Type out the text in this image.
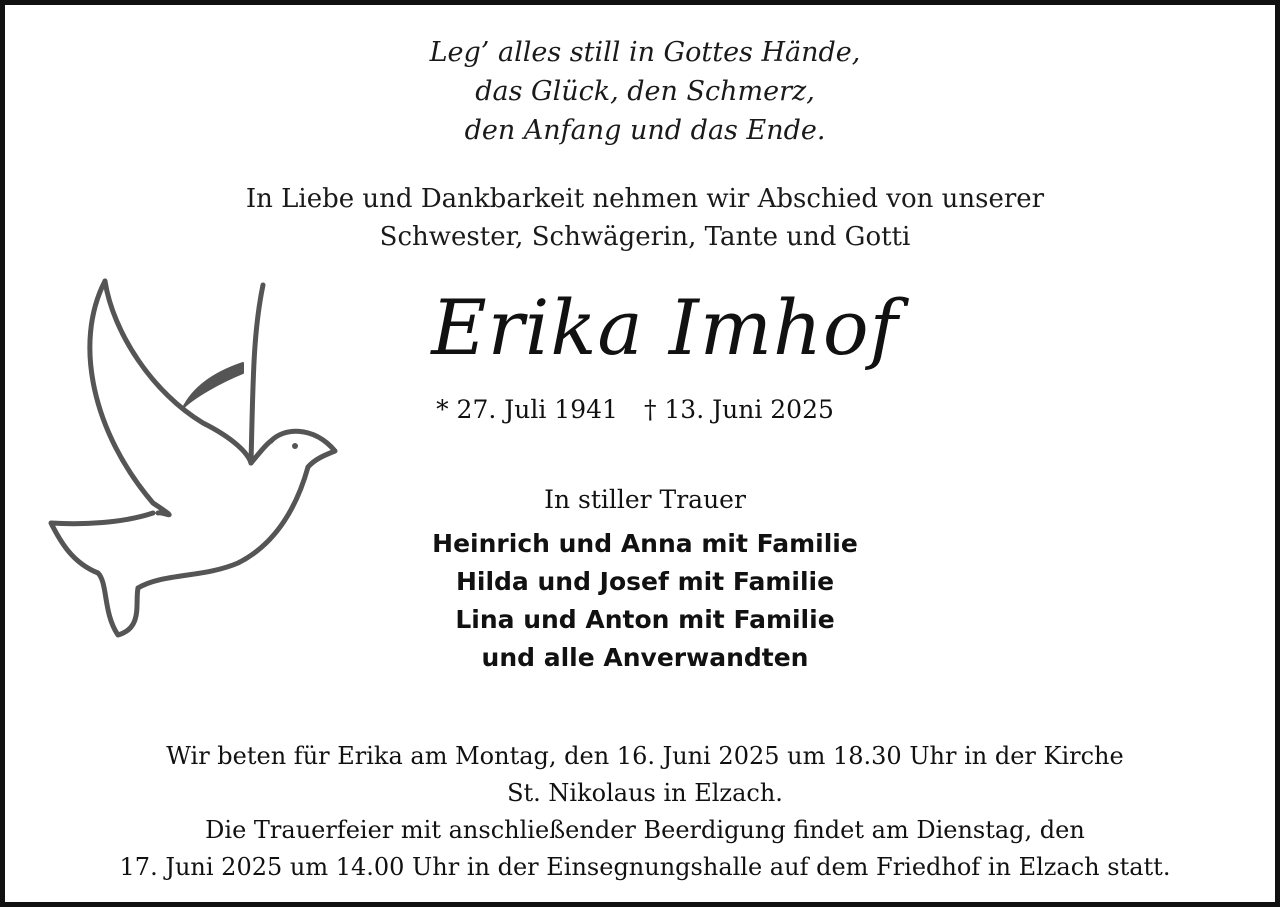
Leg’ alles still in Gottes Hände,
das Glück, den Schmerz,
den Anfang und das Ende.
In Liebe und Dankbarkeit nehmen wir Abschied von unserer
Schwester, Schwägerin, Tante und Gotti
Erika Imhof
* 27. Juli 1941 † 13. Juni 2025
In stiller Trauer
Heinrich und Anna mit Familie
Hilda und Josef mit Familie
Lina und Anton mit Familie
und alle Anverwandten
Wir beten für Erika am Montag, den 16. Juni 2025 um 18.30 Uhr in der Kirche
St. Nikolaus in Elzach.
Die Trauerfeier mit anschließender Beerdigung findet am Dienstag, den
17. Juni 2025 um 14.00 Uhr in der Einsegnungshalle auf dem Friedhof in Elzach statt.
